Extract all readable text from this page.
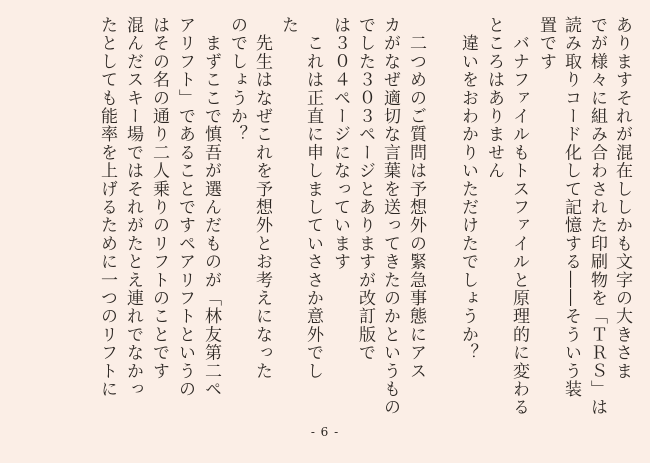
ありますそれが混在ししかも文字の大きさま
でが様々に組み合わされた印刷物を「ＴＲＳ」は
読み取りコード化して記憶する――そういう装
置です
　バナファイルもトスファイルと原理的に変わる
ところはありません
　違いをおわかりいただけたでしょうか？
　二つめのご質問は予想外の緊急事態にアス
カがなぜ適切な言葉を送ってきたのかというもの
でした３０３ページとありますが改訂版で
は３０４ページになっています
　これは正直に申しましていささか意外でし
た
　先生はなぜこれを予想外とお考えになった
のでしょうか？
　まずここで慎吾が選んだものが「林友第二ペ
アリフト」であることですペアリフトというの
はその名の通り二人乗りのリフトのことです
混んだスキー場ではそれがたとえ連れでなかっ
たとしても能率を上げるために一つのリフトに
- 6 -
